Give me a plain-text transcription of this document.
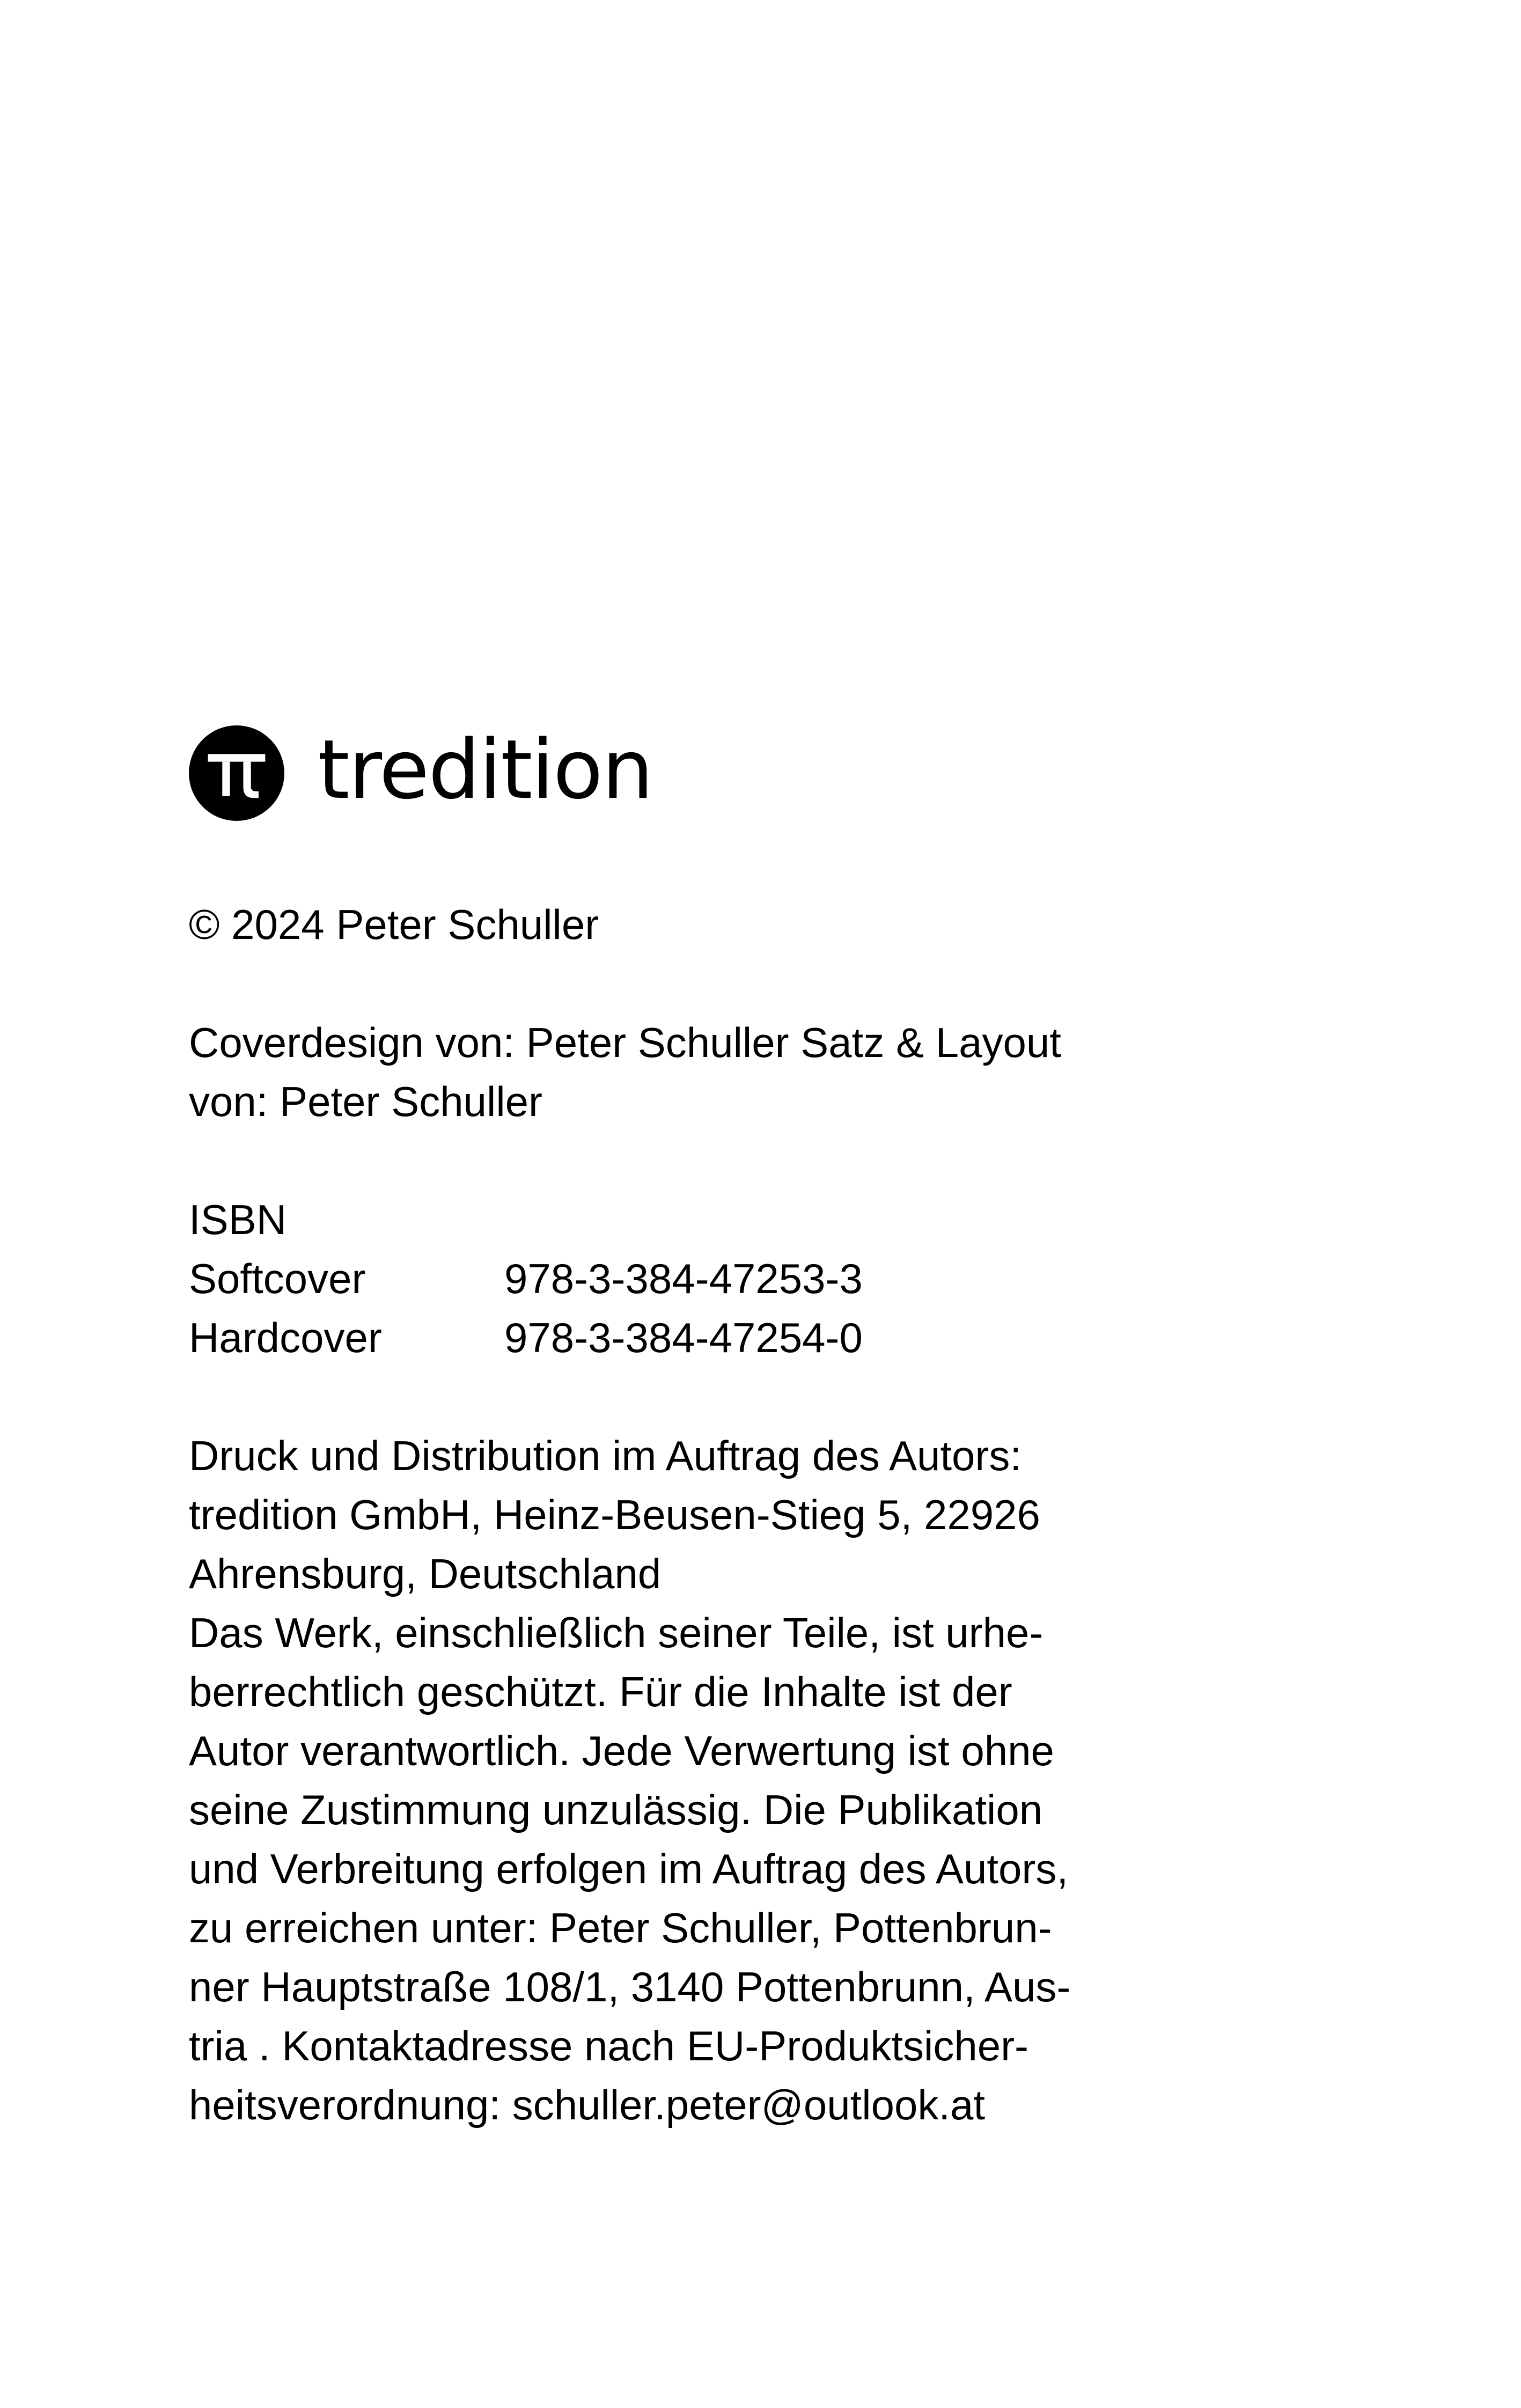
tredition
© 2024 Peter Schuller
Coverdesign von: Peter Schuller Satz & Layout
von: Peter Schuller
ISBN
Softcover	978-3-384-47253-3
Hardcover	978-3-384-47254-0
Druck und Distribution im Auftrag des Autors:
tredition GmbH, Heinz-Beusen-Stieg 5, 22926
Ahrensburg, Deutschland
Das Werk, einschließlich seiner Teile, ist urhe-
berrechtlich geschützt. Für die Inhalte ist der
Autor verantwortlich. Jede Verwertung ist ohne
seine Zustimmung unzulässig. Die Publikation
und Verbreitung erfolgen im Auftrag des Autors,
zu erreichen unter: Peter Schuller, Pottenbrun-
ner Hauptstraße 108/1, 3140 Pottenbrunn, Aus-
tria . Kontaktadresse nach EU-Produktsicher-
heitsverordnung: schuller.peter@outlook.at
